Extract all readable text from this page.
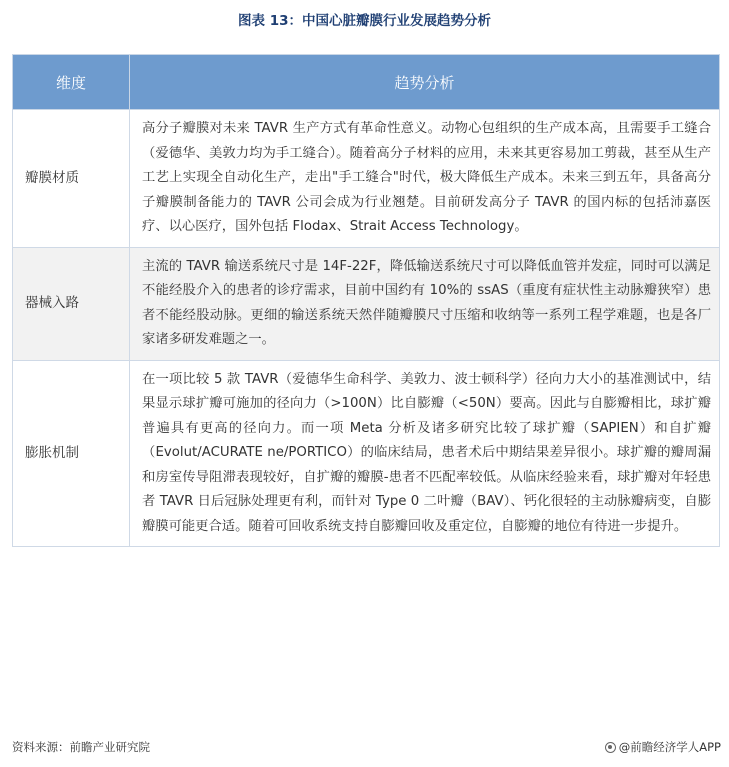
图表 13：中国心脏瓣膜行业发展趋势分析
维度	趋势分析
瓣膜材质	高分子瓣膜对未来 TAVR 生产方式有革命性意义。动物心包组织的生产成本高，且需要手工缝合（爱德华、美敦力均为手工缝合）。随着高分子材料的应用，未来其更容易加工剪裁，甚至从生产工艺上实现全自动化生产，走出"手工缝合"时代，极大降低生产成本。未来三到五年，具备高分子瓣膜制备能力的 TAVR 公司会成为行业翘楚。目前研发高分子 TAVR 的国内标的包括沛嘉医疗、以心医疗，国外包括 Flodax、Strait Access Technology。
器械入路	主流的 TAVR 输送系统尺寸是 14F-22F，降低输送系统尺寸可以降低血管并发症，同时可以满足不能经股介入的患者的诊疗需求，目前中国约有 10%的 ssAS（重度有症状性主动脉瓣狭窄）患者不能经股动脉。更细的输送系统天然伴随瓣膜尺寸压缩和收纳等一系列工程学难题，也是各厂家诸多研发难题之一。
膨胀机制	在一项比较 5 款 TAVR（爱德华生命科学、美敦力、波士顿科学）径向力大小的基准测试中，结果显示球扩瓣可施加的径向力（>100N）比自膨瓣（<50N）要高。因此与自膨瓣相比，球扩瓣普遍具有更高的径向力。而一项 Meta 分析及诸多研究比较了球扩瓣（SAPIEN）和自扩瓣（Evolut/ACURATE ne/PORTICO）的临床结局，患者术后中期结果差异很小。球扩瓣的瓣周漏和房室传导阻滞表现较好，自扩瓣的瓣膜-患者不匹配率较低。从临床经验来看，球扩瓣对年轻患者 TAVR 日后冠脉处理更有利，而针对 Type 0 二叶瓣（BAV）、钙化很轻的主动脉瓣病变，自膨瓣膜可能更合适。随着可回收系统支持自膨瓣回收及重定位，自膨瓣的地位有待进一步提升。
资料来源：前瞻产业研究院	@前瞻经济学人APP
